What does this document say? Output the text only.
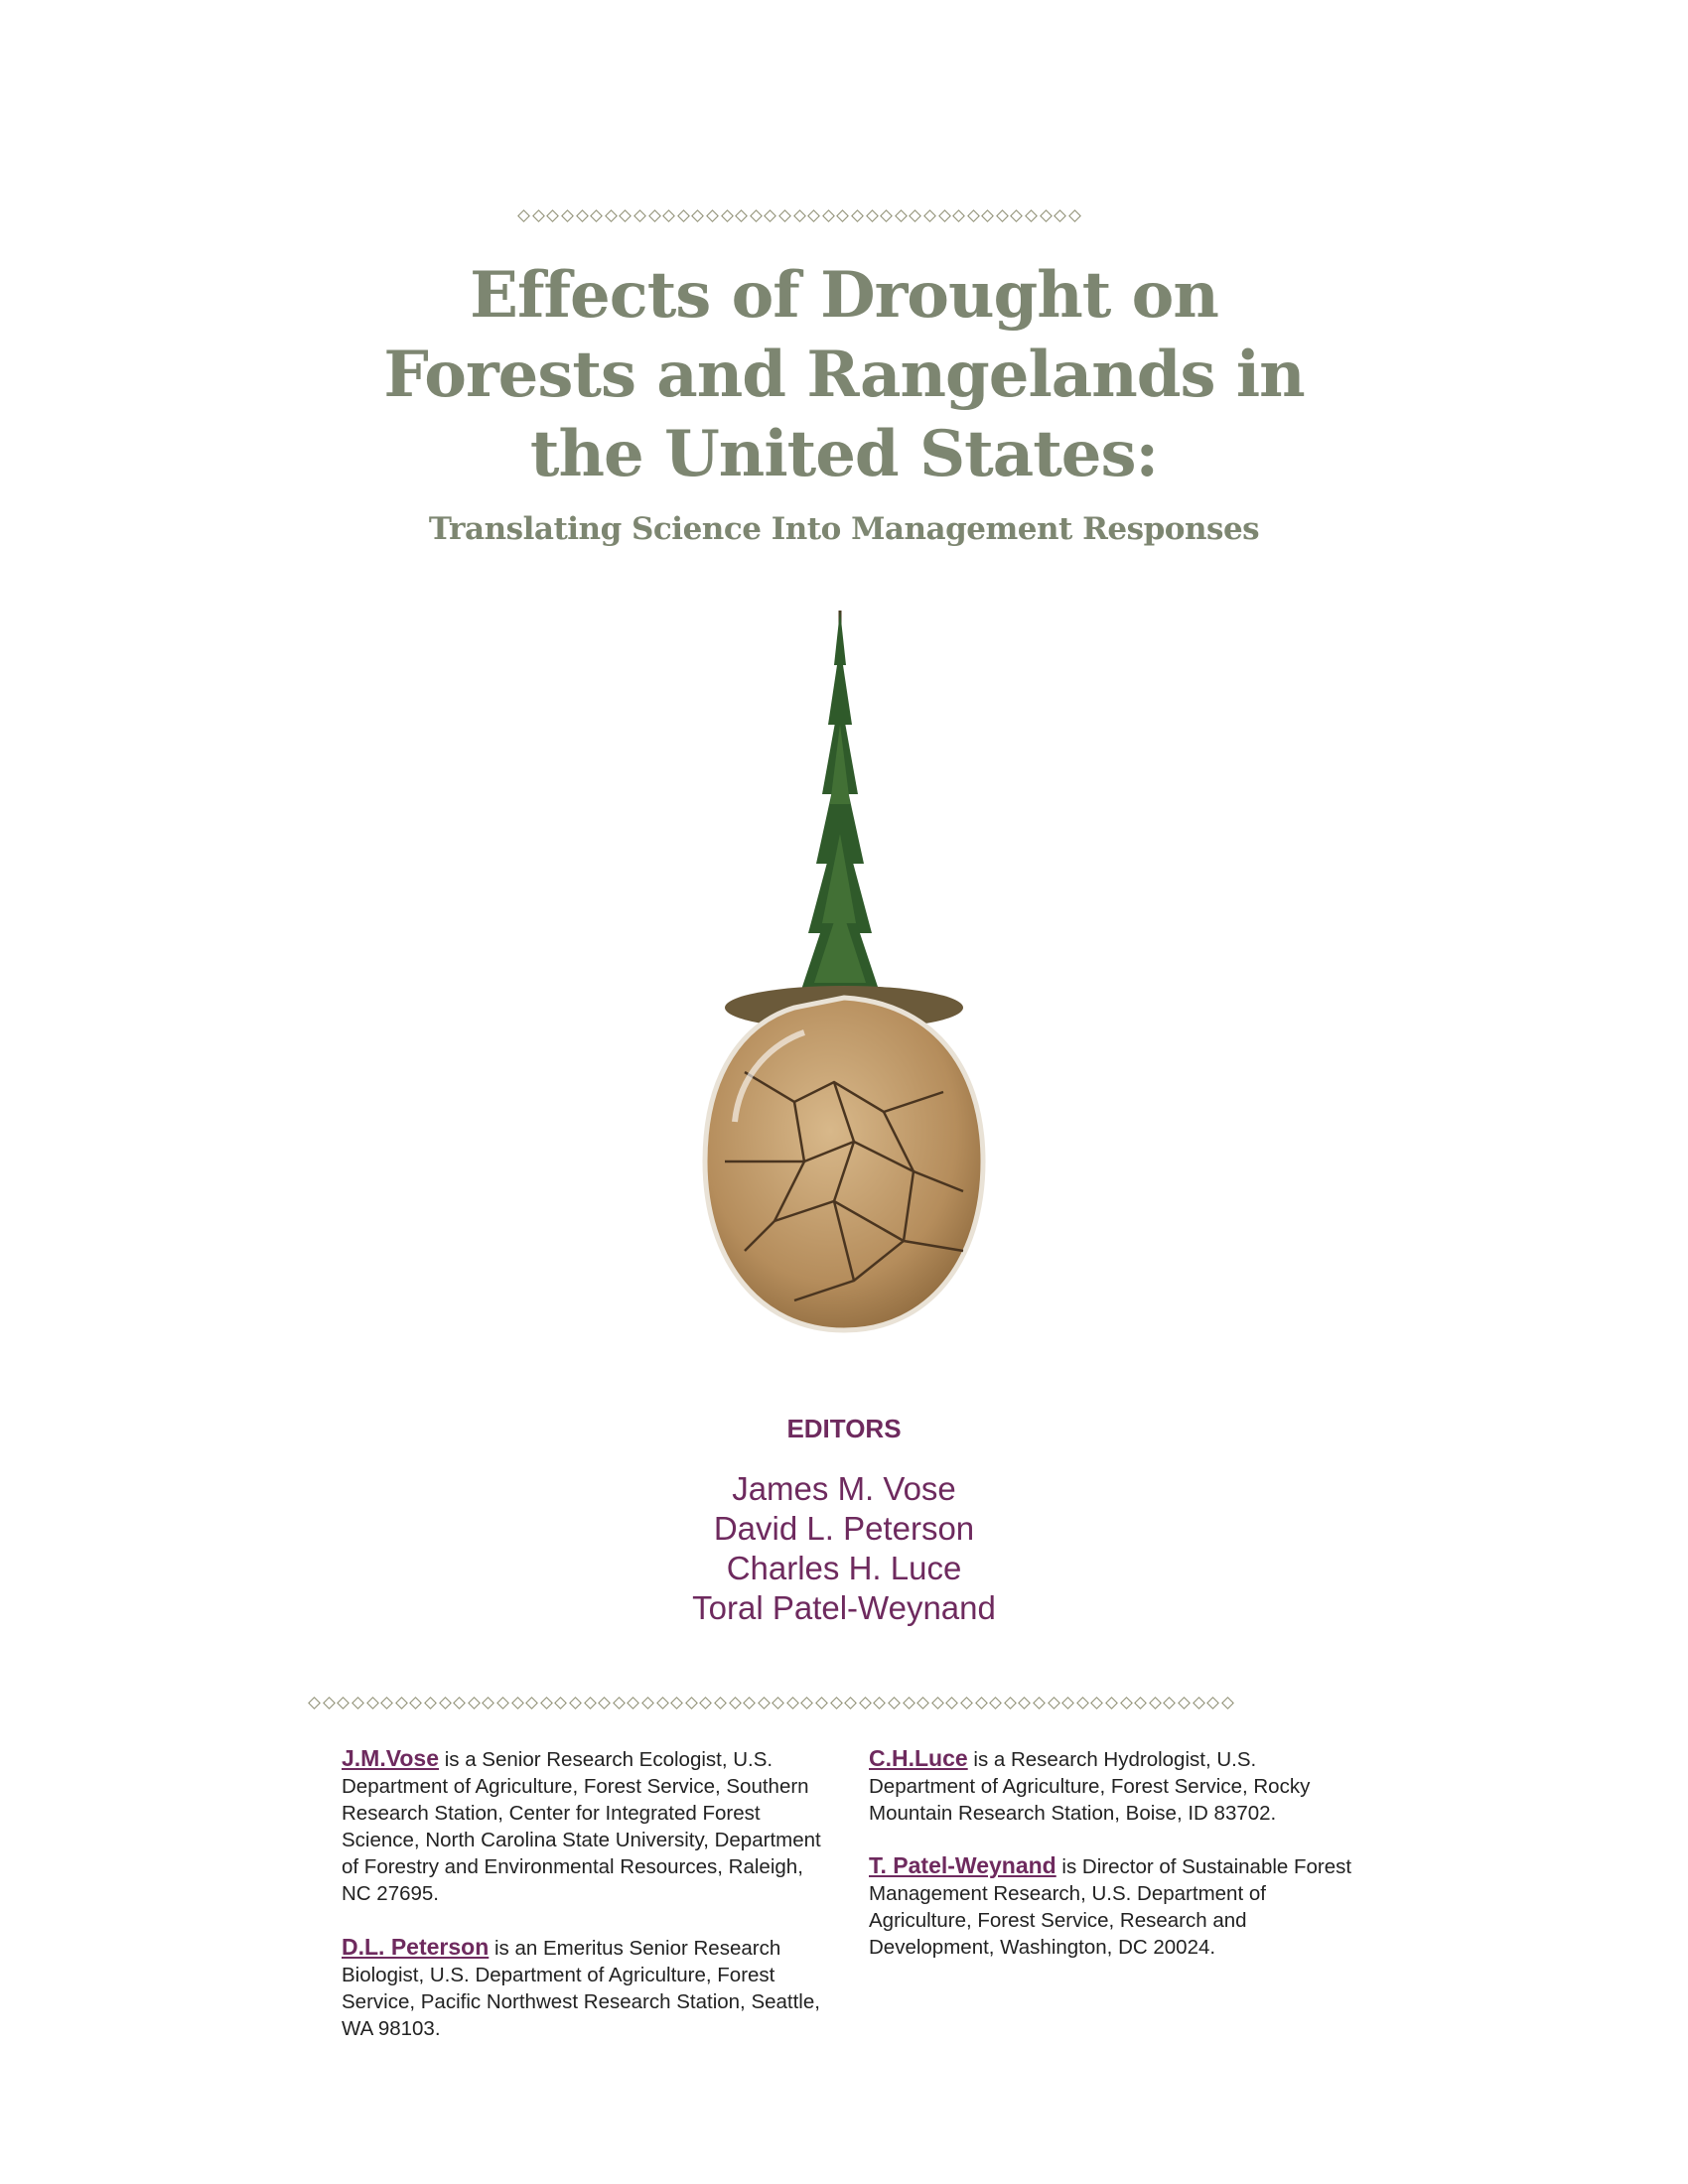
Effects of Drought on
Forests and Rangelands in
the United States:
Translating Science Into Management Responses
EDITORS
James M. Vose
David L. Peterson
Charles H. Luce
Toral Patel-Weynand
J.M.Vose is a Senior Research Ecologist, U.S. Department of Agriculture, Forest Service, Southern Research Station, Center for Integrated Forest Science, North Carolina State University, Department of Forestry and Environmental Resources, Raleigh, NC 27695.
D.L. Peterson is an Emeritus Senior Research Biologist, U.S. Department of Agriculture, Forest Service, Pacific Northwest Research Station, Seattle, WA 98103.
C.H.Luce is a Research Hydrologist, U.S. Department of Agriculture, Forest Service, Rocky Mountain Research Station, Boise, ID 83702.
T. Patel-Weynand is Director of Sustainable Forest Management Research, U.S. Department of Agriculture, Forest Service, Research and Development, Washington, DC 20024.
